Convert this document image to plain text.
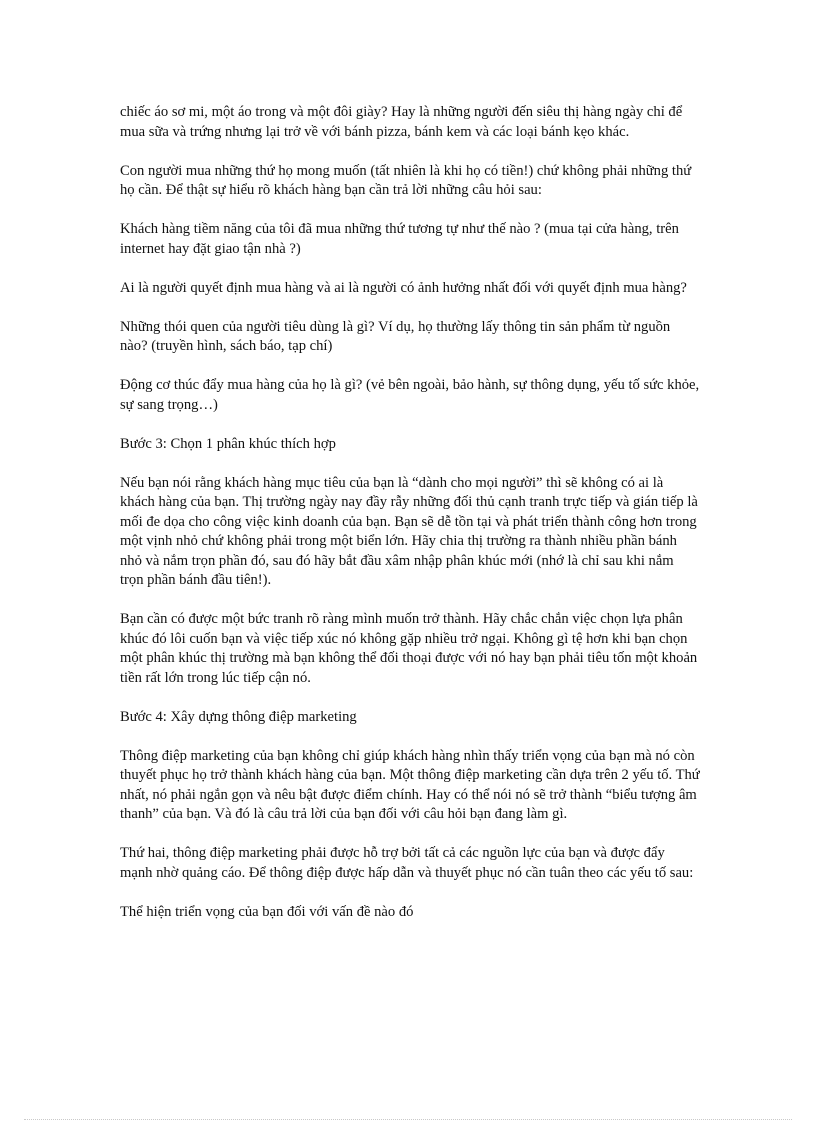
chiếc áo sơ mi, một áo trong và một đôi giày? Hay là những người đến siêu thị hàng ngày chỉ để mua sữa và trứng nhưng lại trở về với bánh pizza, bánh kem và các loại bánh kẹo khác.

Con người mua những thứ họ mong muốn (tất nhiên là khi họ có tiền!) chứ không phải những thứ họ cần. Để thật sự hiểu rõ khách hàng bạn cần trả lời những câu hỏi sau:

Khách hàng tiềm năng của tôi đã mua những thứ tương tự như thế nào ? (mua tại cửa hàng, trên internet hay đặt giao tận nhà ?)

Ai là người quyết định mua hàng và ai là người có ảnh hưởng nhất đối với quyết định mua hàng?

Những thói quen của người tiêu dùng là gì? Ví dụ, họ thường lấy thông tin sản phẩm từ nguồn nào? (truyền hình, sách báo, tạp chí)

Động cơ thúc đẩy mua hàng của họ là gì? (vẻ bên ngoài, bảo hành, sự thông dụng, yếu tố sức khỏe, sự sang trọng…)

Bước 3: Chọn 1 phân khúc thích hợp

Nếu bạn nói rằng khách hàng mục tiêu của bạn là “dành cho mọi người” thì sẽ không có ai là khách hàng của bạn. Thị trường ngày nay đầy rẫy những đối thủ cạnh tranh trực tiếp và gián tiếp là mối đe dọa cho công việc kinh doanh của bạn. Bạn sẽ dễ tồn tại và phát triển thành công hơn trong một vịnh nhỏ chứ không phải trong một biển lớn. Hãy chia thị trường ra thành nhiều phần bánh nhỏ và nắm trọn phần đó, sau đó hãy bắt đầu xâm nhập phân khúc mới (nhớ là chỉ sau khi nắm trọn phần bánh đầu tiên!).

Bạn cần có được một bức tranh rõ ràng mình muốn trở thành. Hãy chắc chắn việc chọn lựa phân khúc đó lôi cuốn bạn và việc tiếp xúc nó không gặp nhiều trở ngại. Không gì tệ hơn khi bạn chọn một phân khúc thị trường mà bạn không thể đối thoại được với nó hay bạn phải tiêu tốn một khoản tiền rất lớn trong lúc tiếp cận nó.

Bước 4: Xây dựng thông điệp marketing

Thông điệp marketing của bạn không chỉ giúp khách hàng nhìn thấy triển vọng của bạn mà nó còn thuyết phục họ trở thành khách hàng của bạn. Một thông điệp marketing cần dựa trên 2 yếu tố. Thứ nhất, nó phải ngắn gọn và nêu bật được điểm chính. Hay có thể nói nó sẽ trở thành “biểu tượng âm thanh” của bạn. Và đó là câu trả lời của bạn đối với câu hỏi bạn đang làm gì.

Thứ hai, thông điệp marketing phải được hỗ trợ bởi tất cả các nguồn lực của bạn và được đẩy mạnh nhờ quảng cáo. Để thông điệp được hấp dẫn và thuyết phục nó cần tuân theo các yếu tố sau:

Thể hiện triển vọng của bạn đối với vấn đề nào đó
